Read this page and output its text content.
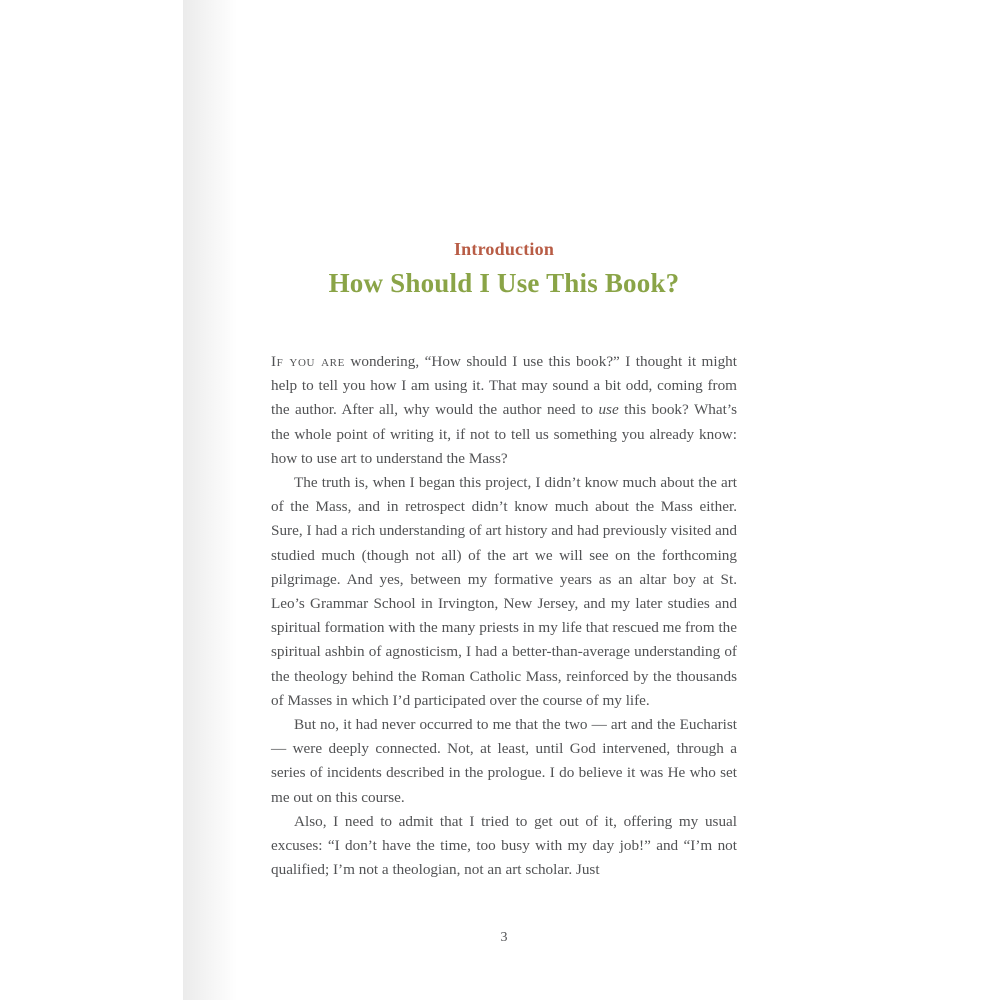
Introduction
How Should I Use This Book?

If you are wondering, “How should I use this book?” I thought it might help to tell you how I am using it. That may sound a bit odd, coming from the author. After all, why would the author need to use this book? What’s the whole point of writing it, if not to tell us something you already know: how to use art to understand the Mass?

The truth is, when I began this project, I didn’t know much about the art of the Mass, and in retrospect didn’t know much about the Mass either. Sure, I had a rich understanding of art history and had previously visited and studied much (though not all) of the art we will see on the forthcoming pilgrimage. And yes, between my formative years as an altar boy at St. Leo’s Grammar School in Irvington, New Jersey, and my later studies and spiritual formation with the many priests in my life that rescued me from the spiritual ashbin of agnosticism, I had a better-than-average understanding of the theology behind the Roman Catholic Mass, reinforced by the thousands of Masses in which I’d participated over the course of my life.

But no, it had never occurred to me that the two — art and the Eucharist — were deeply connected. Not, at least, until God intervened, through a series of incidents described in the prologue. I do believe it was He who set me out on this course.

Also, I need to admit that I tried to get out of it, offering my usual excuses: “I don’t have the time, too busy with my day job!” and “I’m not qualified; I’m not a theologian, not an art scholar. Just

3
